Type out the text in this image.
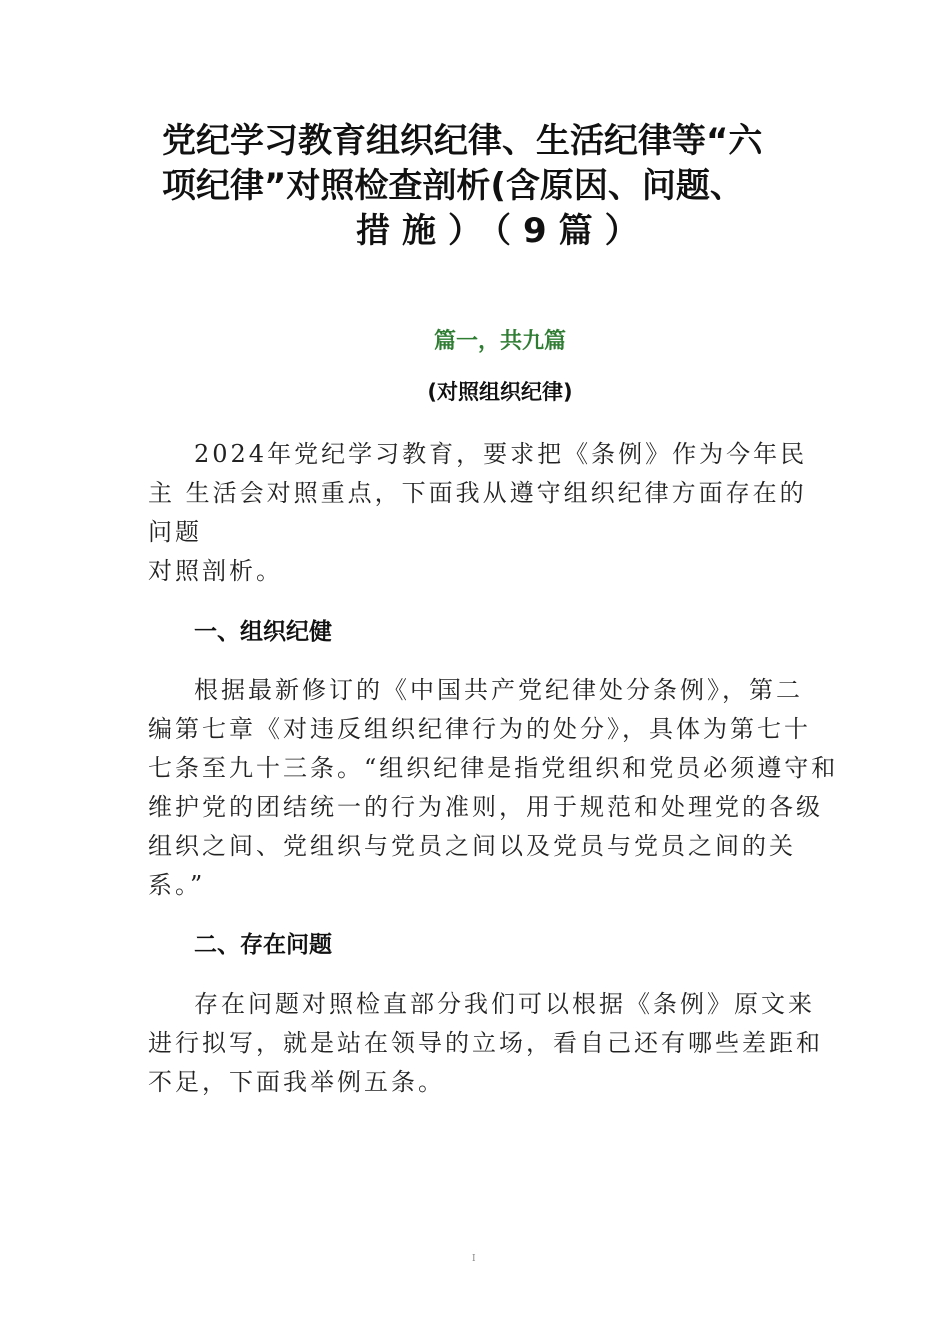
党纪学习教育组织纪律、生活纪律等“六
项纪律”对照检查剖析(含原因、问题、
措施）（9篇）
篇一，共九篇
(对照组织纪律)
2024年党纪学习教育，要求把《条例》作为今年民
主 生活会对照重点，下面我从遵守组织纪律方面存在的
问题
对照剖析。
一、组织纪健
根据最新修订的《中国共产党纪律处分条例》，第二
编第七章《对违反组织纪律行为的处分》，具体为第七十
七条至九十三条。“组织纪律是指党组织和党员必须遵守和
维护党的团结统一的行为准则，用于规范和处理党的各级
组织之间、党组织与党员之间以及党员与党员之间的关
系。”
二、存在问题
存在问题对照检直部分我们可以根据《条例》原文来
进行拟写，就是站在领导的立场，看自己还有哪些差距和
不足，下面我举例五条。
I
